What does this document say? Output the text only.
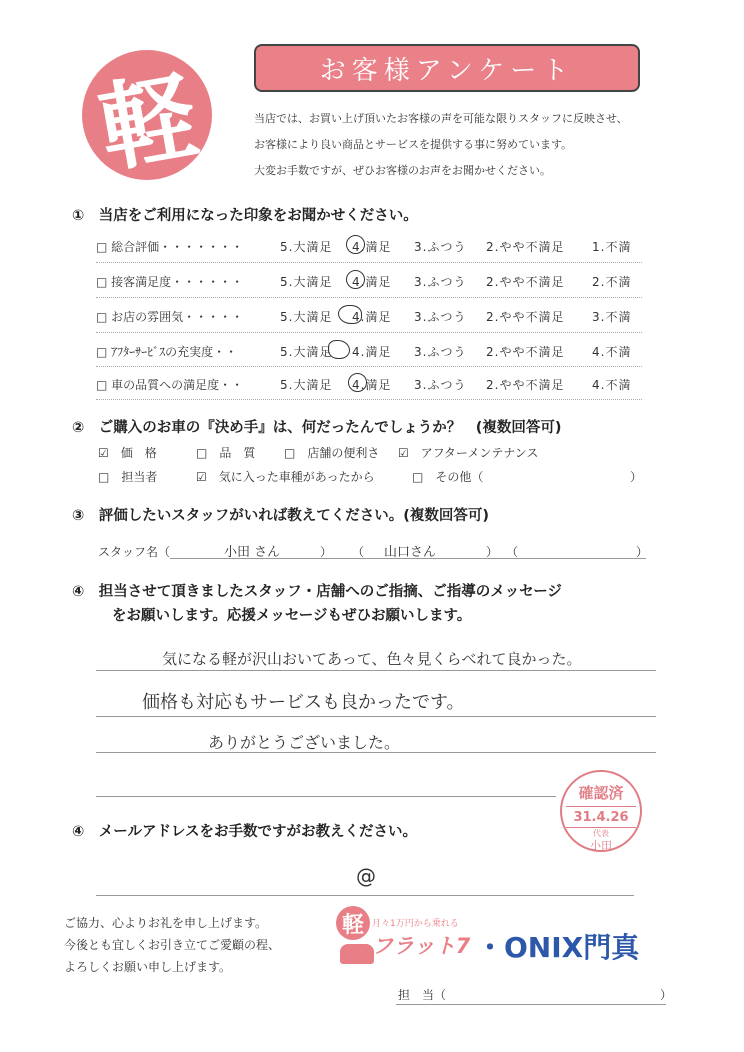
軽	お客様アンケート
当店では、お買い上げ頂いたお客様の声を可能な限りスタッフに反映させ、
お客様により良い商品とサービスを提供する事に努めています。
大変お手数ですが、ぜひお客様のお声をお聞かせください。
①　当店をご利用になった印象をお聞かせください。
□ 総合評価・・・・・・・	5.大満足 4.満足 3.ふつう 2.やや不満足 1.不満
□ 接客満足度・・・・・・	5.大満足 4.満足 3.ふつう 2.やや不満足 2.不満
□ お店の雰囲気・・・・・	5.大満足 4.満足 3.ふつう 2.やや不満足 3.不満
□ ｱﾌﾀｰｻｰﾋﾞｽの充実度・・	5.大満足 4.満足 3.ふつう 2.やや不満足 4.不満
□ 車の品質への満足度・・	5.大満足 4.満足 3.ふつう 2.やや不満足 4.不満
②　ご購入のお車の『決め手』は、何だったんでしょうか？　(複数回答可)
☑　価　格	□　品　質 □　店舗の便利さ ☑　アフターメンテナンス
□　担当者	☑　気に入った車種があったから	□　その他（	）
③　評価したいスタッフがいれば教えてください。(複数回答可)
スタッフ名（	小田 さん	） （ 山口さん	） （	）
④　担当させて頂きましたスタッフ・店舗へのご指摘、ご指導のメッセージ
をお願いします。応援メッセージもぜひお願いします。
気になる軽が沢山おいてあって、色々見くらべれて良かった。
価格も対応もサービスも良かったです。
ありがとうございました。
確認済
31.4.26
代表
小田
④　メールアドレスをお手数ですがお教えください。
@
ご協力、心よりお礼を申し上げます。
今後とも宜しくお引き立てご愛顧の程、
よろしくお願い申し上げます。
軽 月々1万円から乗れる
フラット7 ・ONIX門真
担　当（	）
